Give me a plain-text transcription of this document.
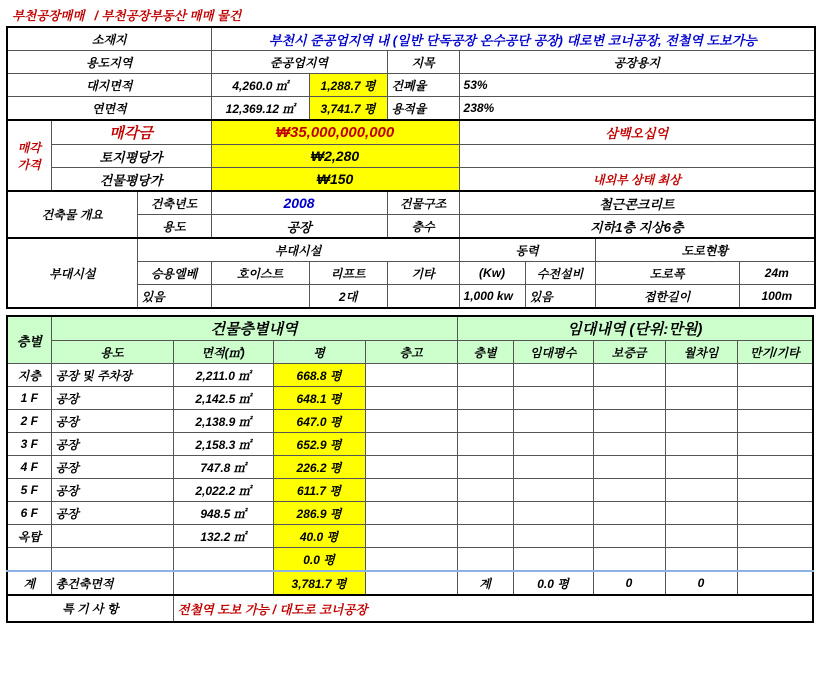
부천공장매매 / 부천공장부동산 매매 물건
소재지			부천시 준공업지역 내 (일반 단독공장 온수공단 공장) 대로변 코너공장, 전철역 도보가능						
용도지역			준공업지역		지목	공장용지			
대지면적			4,260.0 ㎡	1,288.7 평	건폐율	53%			
연면적			12,369.12 ㎡	3,741.7 평	용적율	238%			

매각
가격	매각금		₩35,000,000,000			삼백오십억			
	토지평당가		₩2,280						
	건물평당가		₩150			내외부 상태 최상			
건축물 개요		건축년도	2008		건물구조	철근콘크리트			
		용도	공장		층수	지하1층 지상6층			
부대시설		부대시설				동력		도로현황	
		승용엘베	호이스트	리프트	기타	(Kw)	수전설비	도로폭	24m
		있음		2대		1,000 kw	있음	접한길이	100m
층별	건물층별내역				임대내역 (단위:만원)				
	용도	면적(㎡)	평	층고	층별	임대평수	보증금	월차임	만기/기타
지층	공장 및 주차장	2,211.0 ㎡	668.8 평						
1 F	공장	2,142.5 ㎡	648.1 평						
2 F	공장	2,138.9 ㎡	647.0 평						
3 F	공장	2,158.3 ㎡	652.9 평						
4 F	공장	747.8 ㎡	226.2 평						
5 F	공장	2,022.2 ㎡	611.7 평						
6 F	공장	948.5 ㎡	286.9 평						
옥탑		132.2 ㎡	40.0 평						
			0.0 평						
계	총건축면적		3,781.7 평		계	0.0 평	0	0	
특 기 사 항		전철역 도보 가능 / 대도로 코너공장							
